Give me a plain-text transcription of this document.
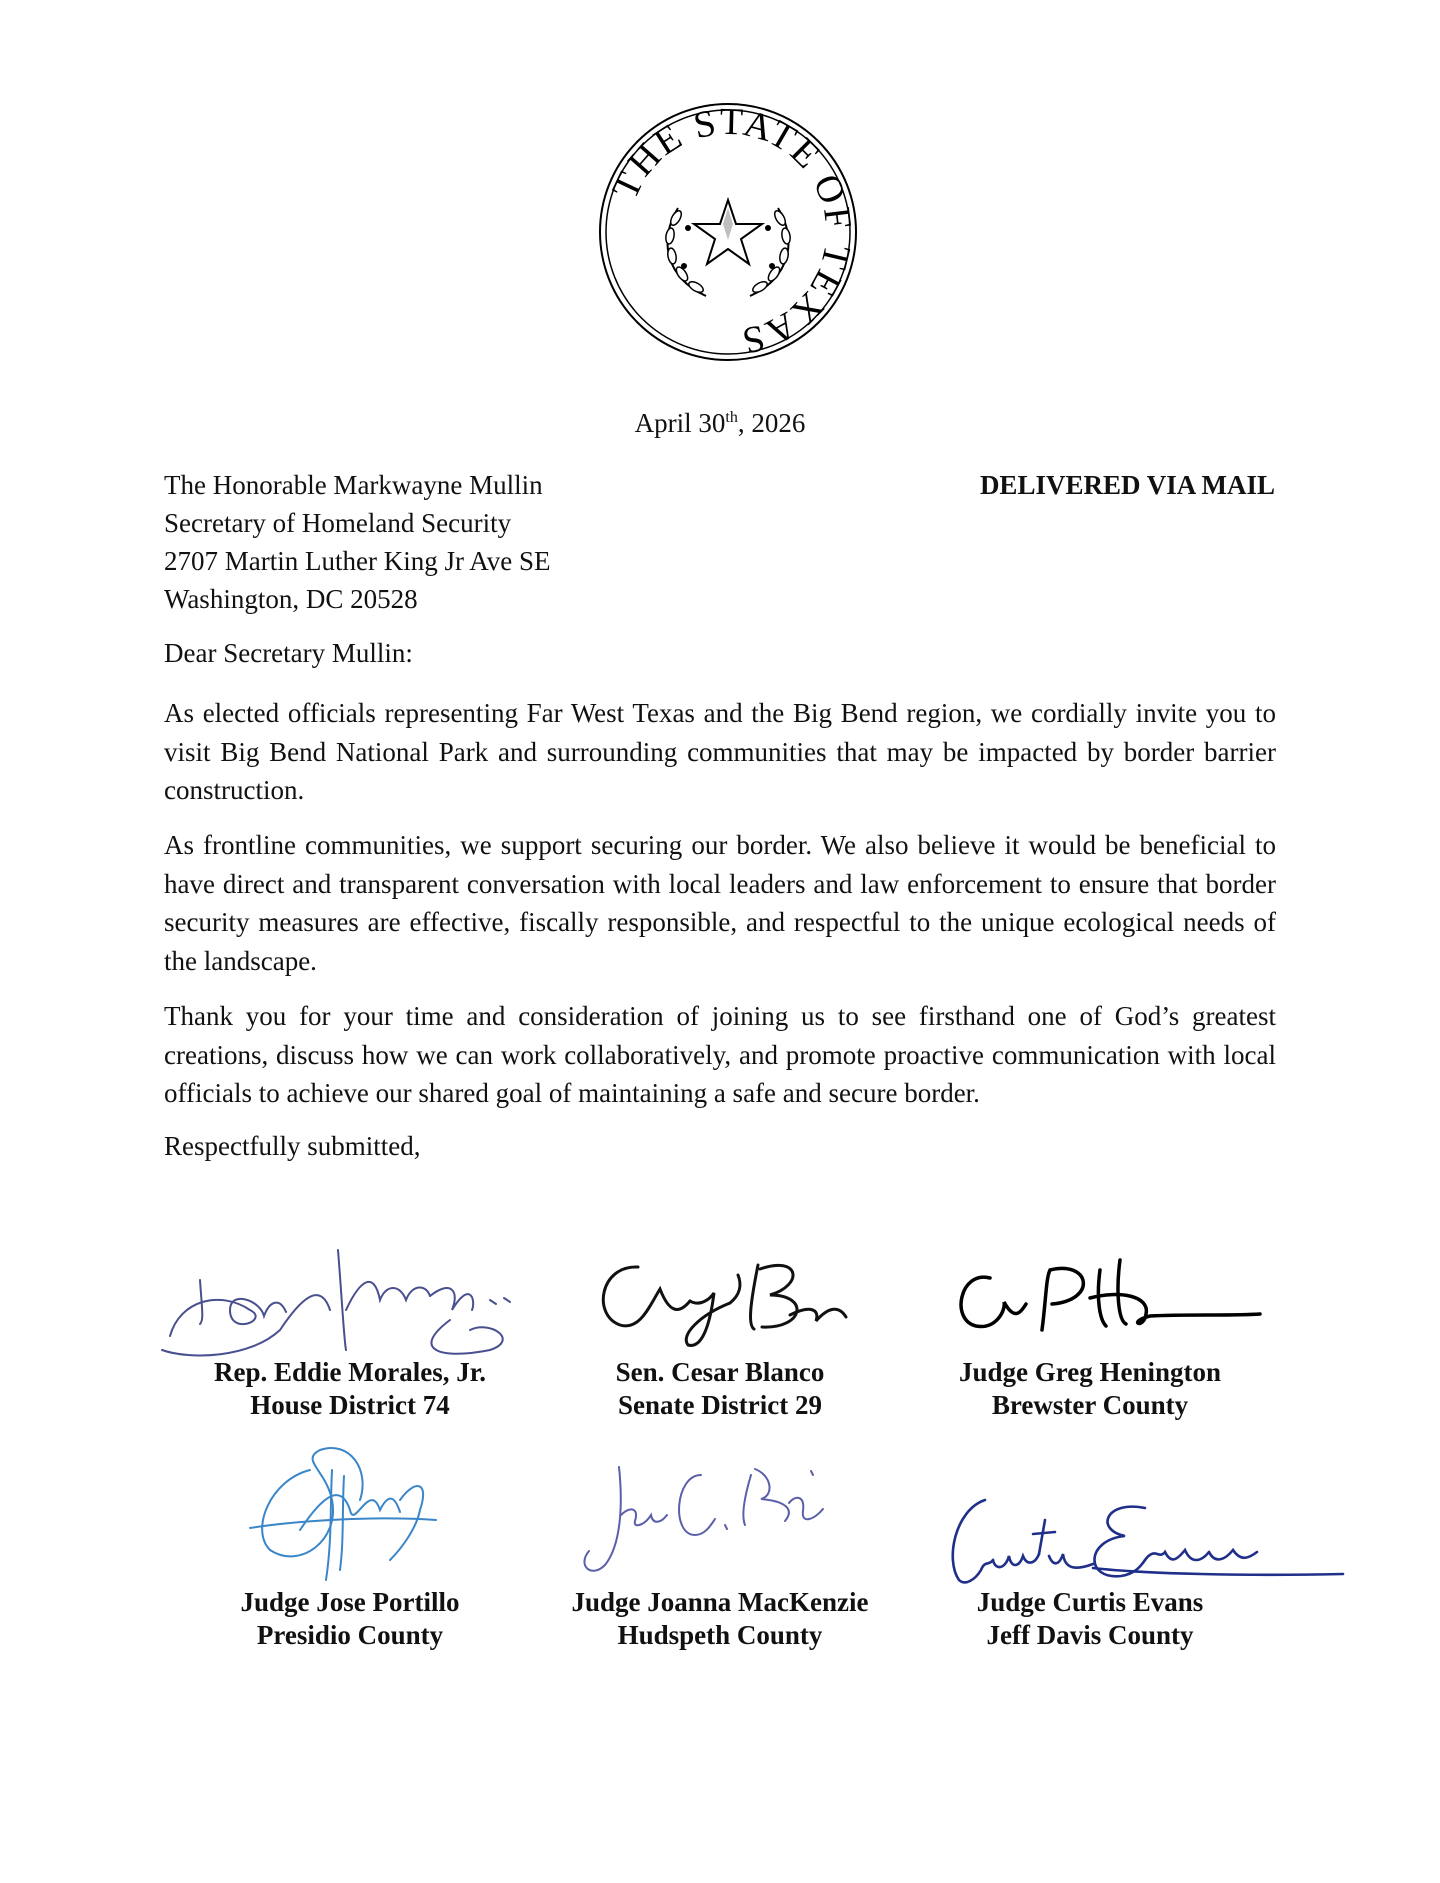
THE STATE OF TEXAS
April 30th, 2026
The Honorable Markwayne Mullin
Secretary of Homeland Security
2707 Martin Luther King Jr Ave SE
Washington, DC 20528
DELIVERED VIA MAIL
Dear Secretary Mullin:
As elected officials representing Far West Texas and the Big Bend region, we cordially invite you to visit Big Bend National Park and surrounding communities that may be impacted by border barrier construction.
As frontline communities, we support securing our border. We also believe it would be beneficial to have direct and transparent conversation with local leaders and law enforcement to ensure that border security measures are effective, fiscally responsible, and respectful to the unique ecological needs of the landscape.
Thank you for your time and consideration of joining us to see firsthand one of God’s greatest creations, discuss how we can work collaboratively, and promote proactive communication with local officials to achieve our shared goal of maintaining a safe and secure border.
Respectfully submitted,
Rep. Eddie Morales, Jr.
House District 74
Sen. Cesar Blanco
Senate District 29
Judge Greg Henington
Brewster County
Judge Jose Portillo
Presidio County
Judge Joanna MacKenzie
Hudspeth County
Judge Curtis Evans
Jeff Davis County
